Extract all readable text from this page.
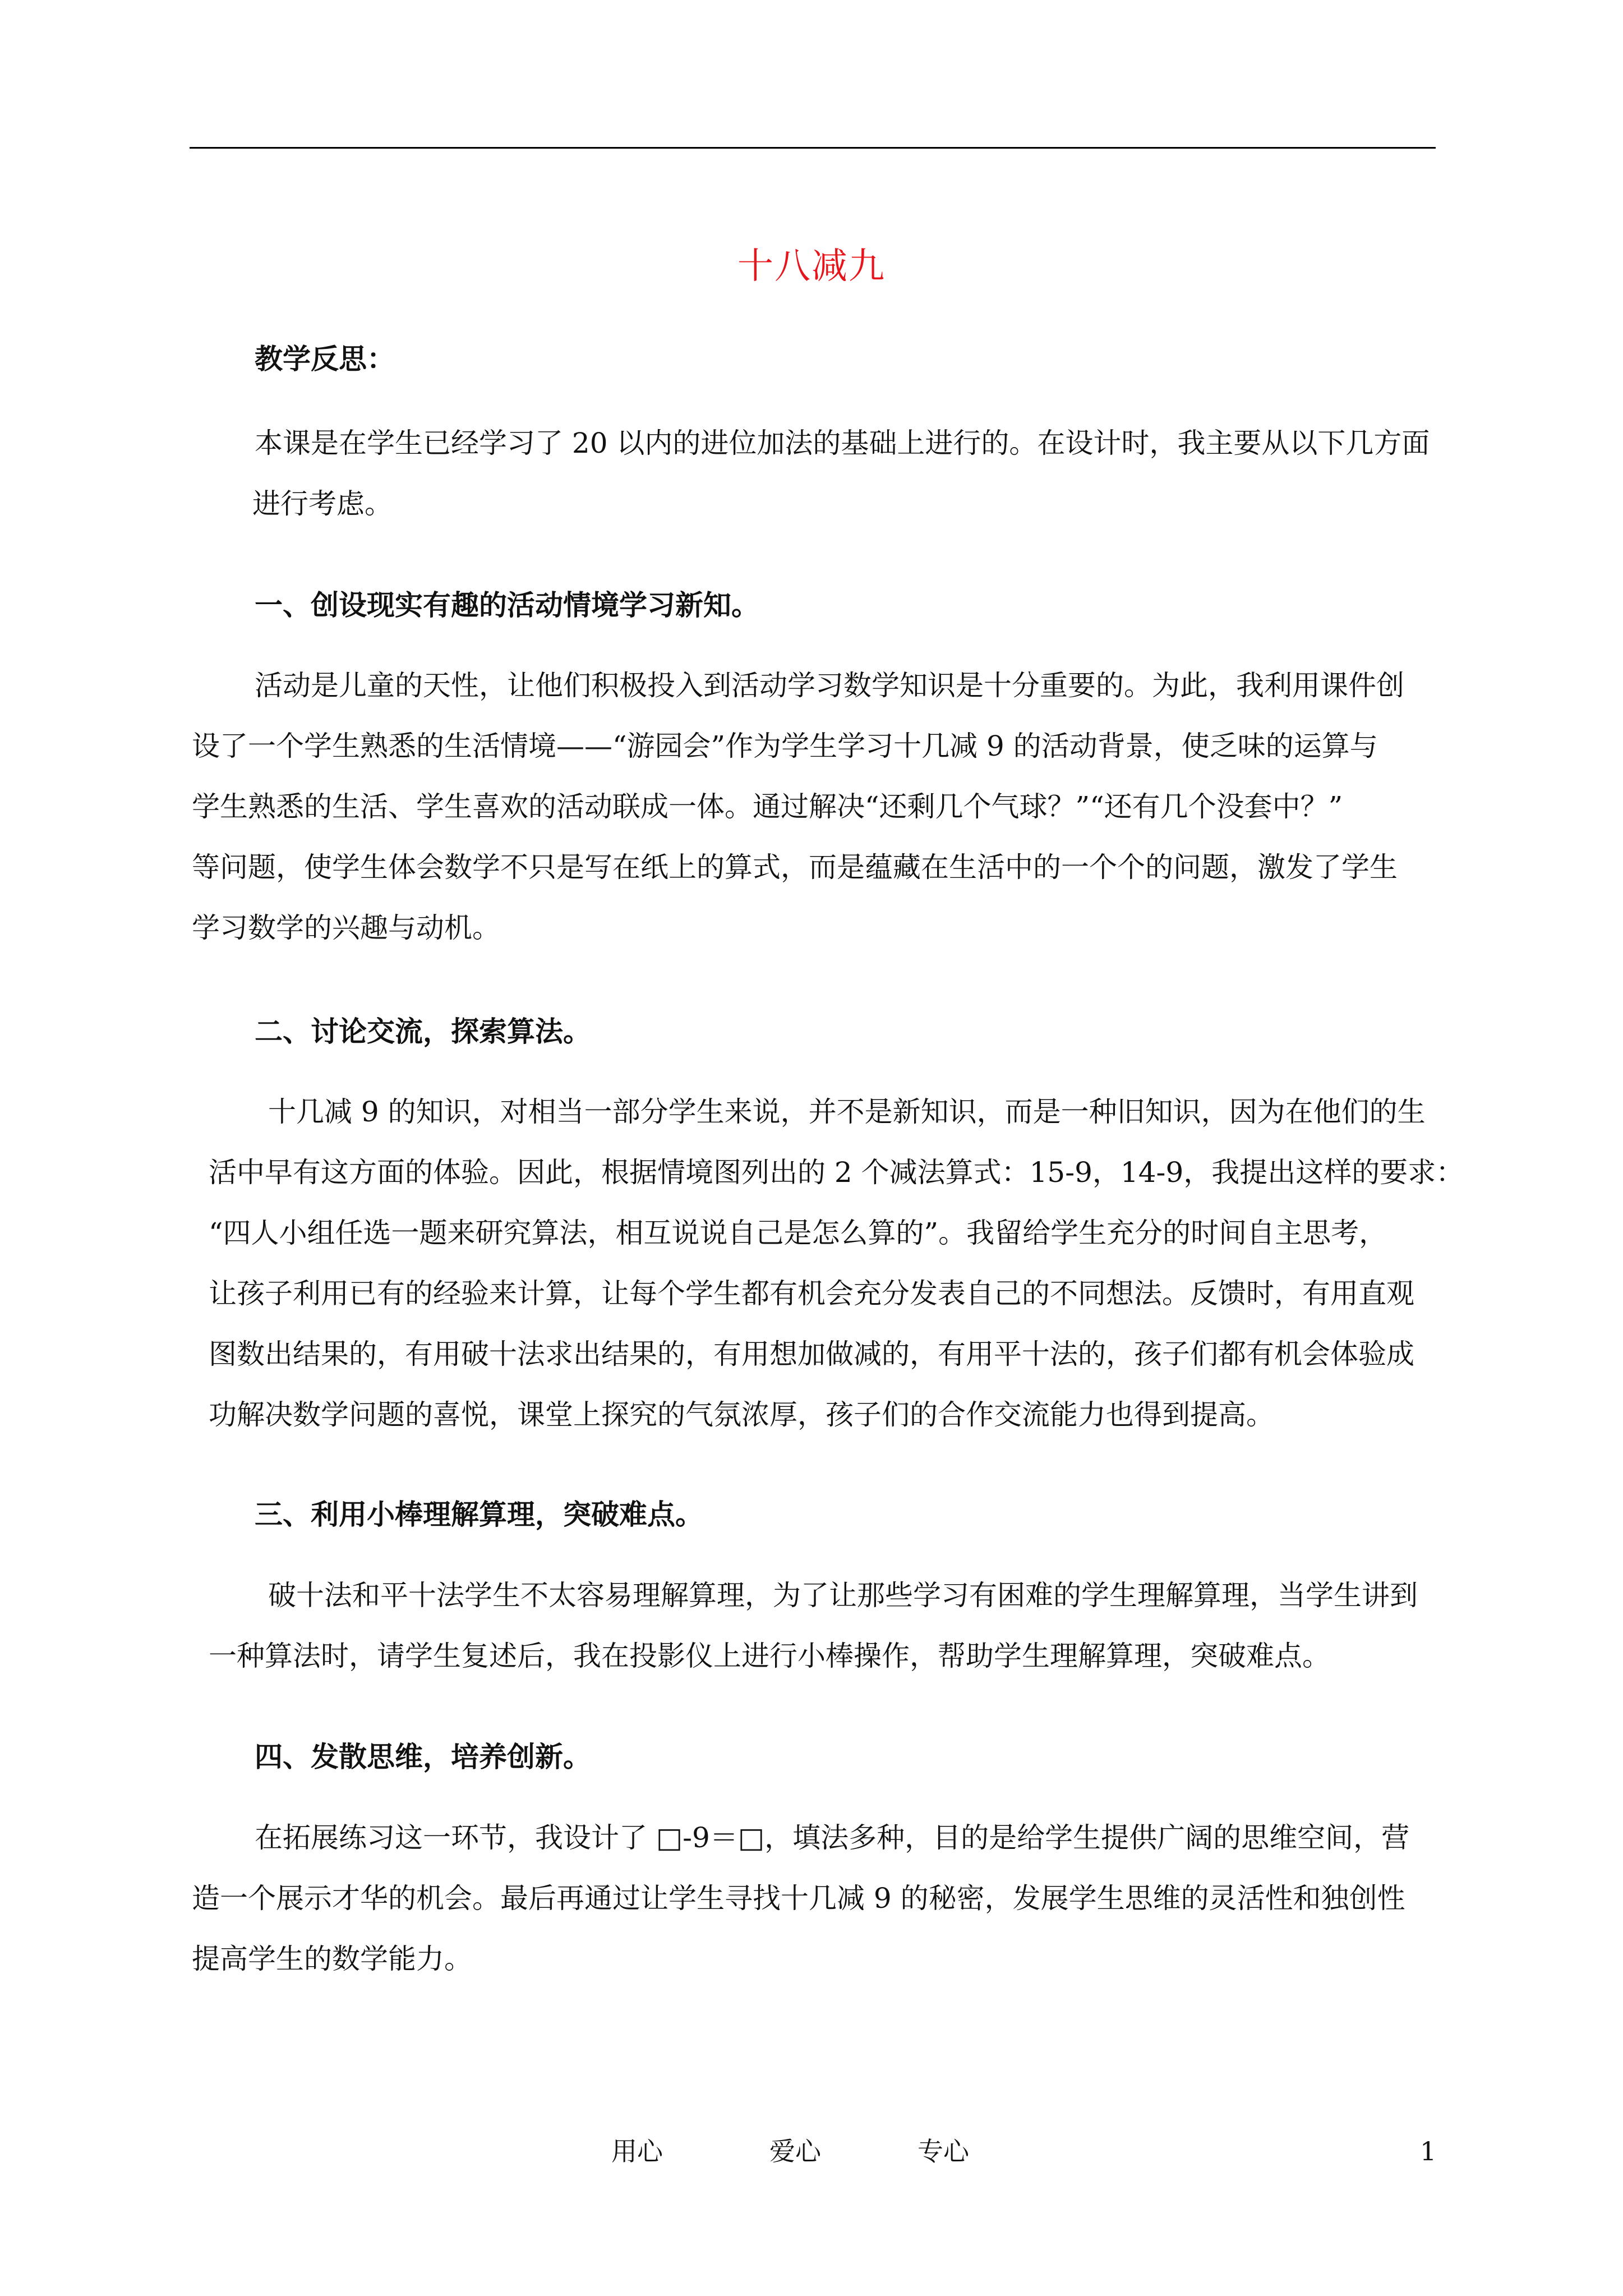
十八减九

教学反思：

本课是在学生已经学习了 20 以内的进位加法的基础上进行的。在设计时，我主要从以下几方面
进行考虑。

一、创设现实有趣的活动情境学习新知。

活动是儿童的天性，让他们积极投入到活动学习数学知识是十分重要的。为此，我利用课件创
设了一个学生熟悉的生活情境——“游园会”作为学生学习十几减 9 的活动背景，使乏味的运算与
学生熟悉的生活、学生喜欢的活动联成一体。通过解决“还剩几个气球？”“还有几个没套中？”
等问题，使学生体会数学不只是写在纸上的算式，而是蕴藏在生活中的一个个的问题，激发了学生
学习数学的兴趣与动机。

二、讨论交流，探索算法。

十几减 9 的知识，对相当一部分学生来说，并不是新知识，而是一种旧知识，因为在他们的生
活中早有这方面的体验。因此，根据情境图列出的 2 个减法算式：15-9，14-9，我提出这样的要求：
“四人小组任选一题来研究算法，相互说说自己是怎么算的”。我留给学生充分的时间自主思考，
让孩子利用已有的经验来计算，让每个学生都有机会充分发表自己的不同想法。反馈时，有用直观
图数出结果的，有用破十法求出结果的，有用想加做减的，有用平十法的，孩子们都有机会体验成
功解决数学问题的喜悦，课堂上探究的气氛浓厚，孩子们的合作交流能力也得到提高。

三、利用小棒理解算理，突破难点。

破十法和平十法学生不太容易理解算理，为了让那些学习有困难的学生理解算理，当学生讲到
一种算法时，请学生复述后，我在投影仪上进行小棒操作，帮助学生理解算理，突破难点。

四、发散思维，培养创新。

在拓展练习这一环节，我设计了 □-9＝□，填法多种，目的是给学生提供广阔的思维空间，营
造一个展示才华的机会。最后再通过让学生寻找十几减 9 的秘密，发展学生思维的灵活性和独创性
提高学生的数学能力。
用心	爱心	专心	1
